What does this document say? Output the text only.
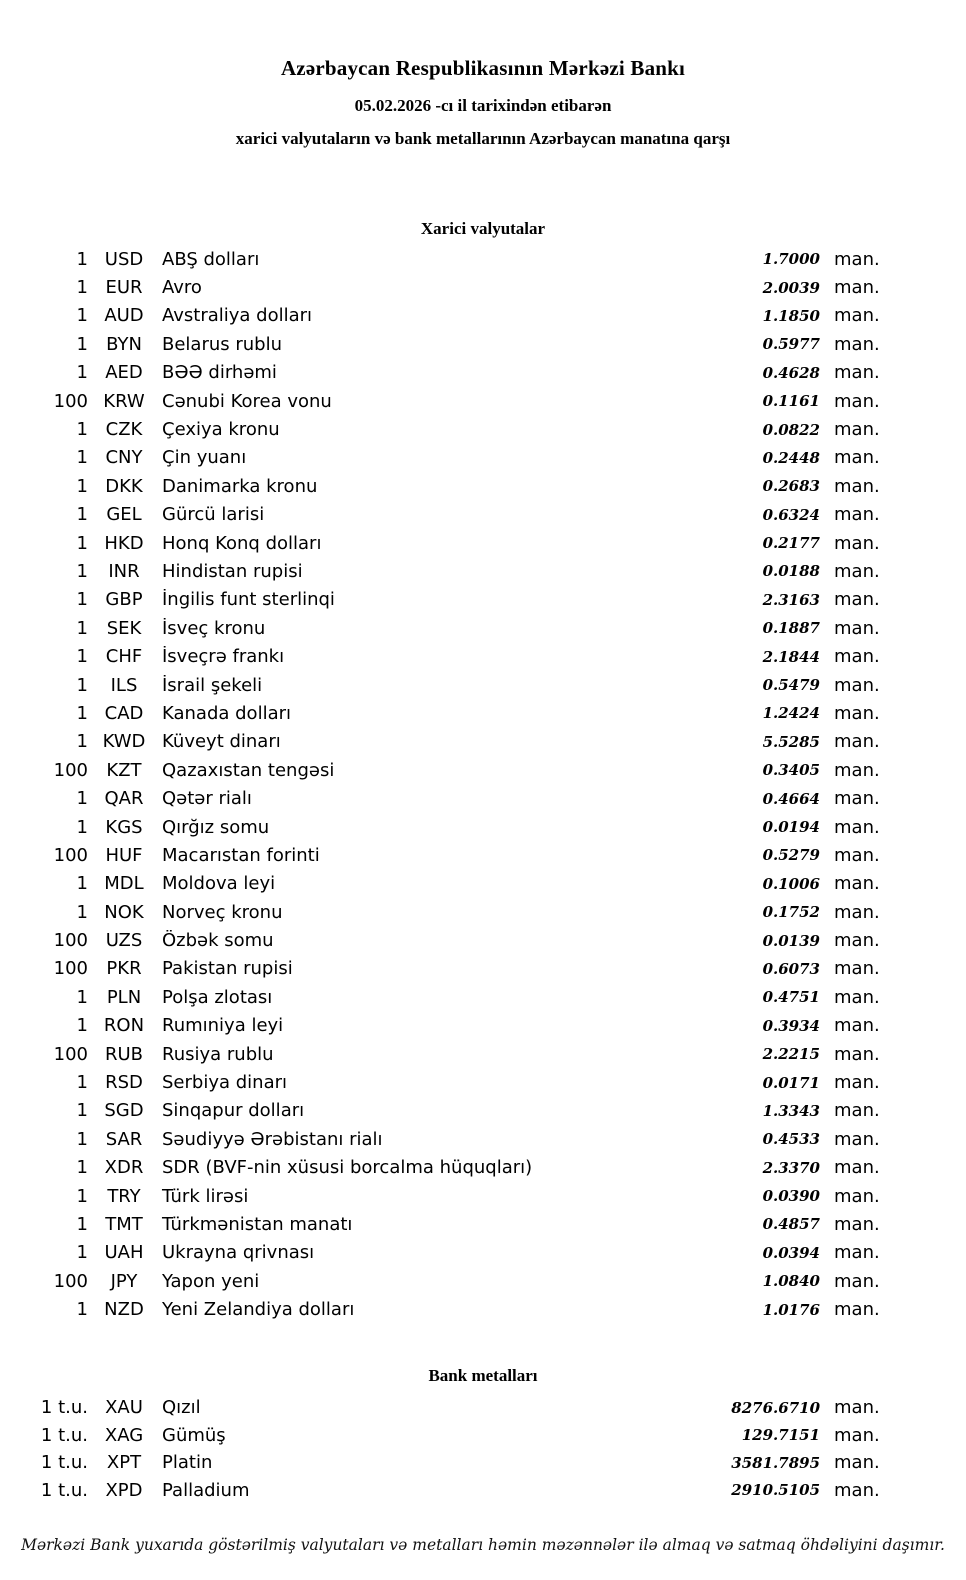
Azərbaycan Respublikasının Mərkəzi Bankı
05.02.2026 -cı il tarixindən etibarən
xarici valyutaların və bank metallarının Azərbaycan manatına qarşı
Xarici valyutalar
1 USD	ABŞ dolları	1.7000 man.
1 EUR	Avro	2.0039 man.
1 AUD	Avstraliya dolları	1.1850 man.
1	BYN	Belarus rublu	0.5977 man.
1 AED	BƏƏ dirhəmi	0.4628 man.
100 KRW Cənubi Korea vonu	0.1161 man.
1 CZK	Çexiya kronu	0.0822 man.
1 CNY	Çin yuanı	0.2448 man.
1 DKK	Danimarka kronu	0.2683 man.
1	GEL	Gürcü larisi	0.6324 man.
1 HKD	Honq Konq dolları	0.2177 man.
1	INR	Hindistan rupisi	0.0188 man.
1 GBP	İngilis funt sterlinqi	2.3163 man.
1	SEK	İsveç kronu	0.1887 man.
1 CHF	İsveçrə frankı	2.1844 man.
1	ILS	İsrail şekeli	0.5479 man.
1 CAD	Kanada dolları	1.2424 man.
1 KWD Küveyt dinarı	5.5285 man.
100	KZT	Qazaxıstan tengəsi	0.3405 man.
1 QAR	Qətər rialı	0.4664 man.
1 KGS	Qırğız somu	0.0194 man.
100 HUF	Macarıstan forinti	0.5279 man.
1 MDL	Moldova leyi	0.1006 man.
1 NOK	Norveç kronu	0.1752 man.
100 UZS	Özbək somu	0.0139 man.
100	PKR	Pakistan rupisi	0.6073 man.
1	PLN	Polşa zlotası	0.4751 man.
1 RON Rumıniya leyi	0.3934 man.
100 RUB	Rusiya rublu	2.2215 man.
1 RSD	Serbiya dinarı	0.0171 man.
1 SGD	Sinqapur dolları	1.3343 man.
1 SAR	Səudiyyə Ərəbistanı rialı	0.4533 man.
1 XDR	SDR (BVF-nin xüsusi borcalma hüquqları)	2.3370 man.
1	TRY	Türk lirəsi	0.0390 man.
1 TMT	Türkmənistan manatı	0.4857 man.
1 UAH	Ukrayna qrivnası	0.0394 man.
100	JPY	Yapon yeni	1.0840 man.
1 NZD	Yeni Zelandiya dolları	1.0176 man.
Bank metalları
1 t.u. XAU	Qızıl	8276.6710 man.
1 t.u. XAG	Gümüş	129.7151 man.
1 t.u.	XPT	Platin	3581.7895 man.
1 t.u. XPD	Palladium	2910.5105 man.
Mərkəzi Bank yuxarıda göstərilmiş valyutaları və metalları həmin məzənnələr ilə almaq və satmaq öhdəliyini daşımır.
